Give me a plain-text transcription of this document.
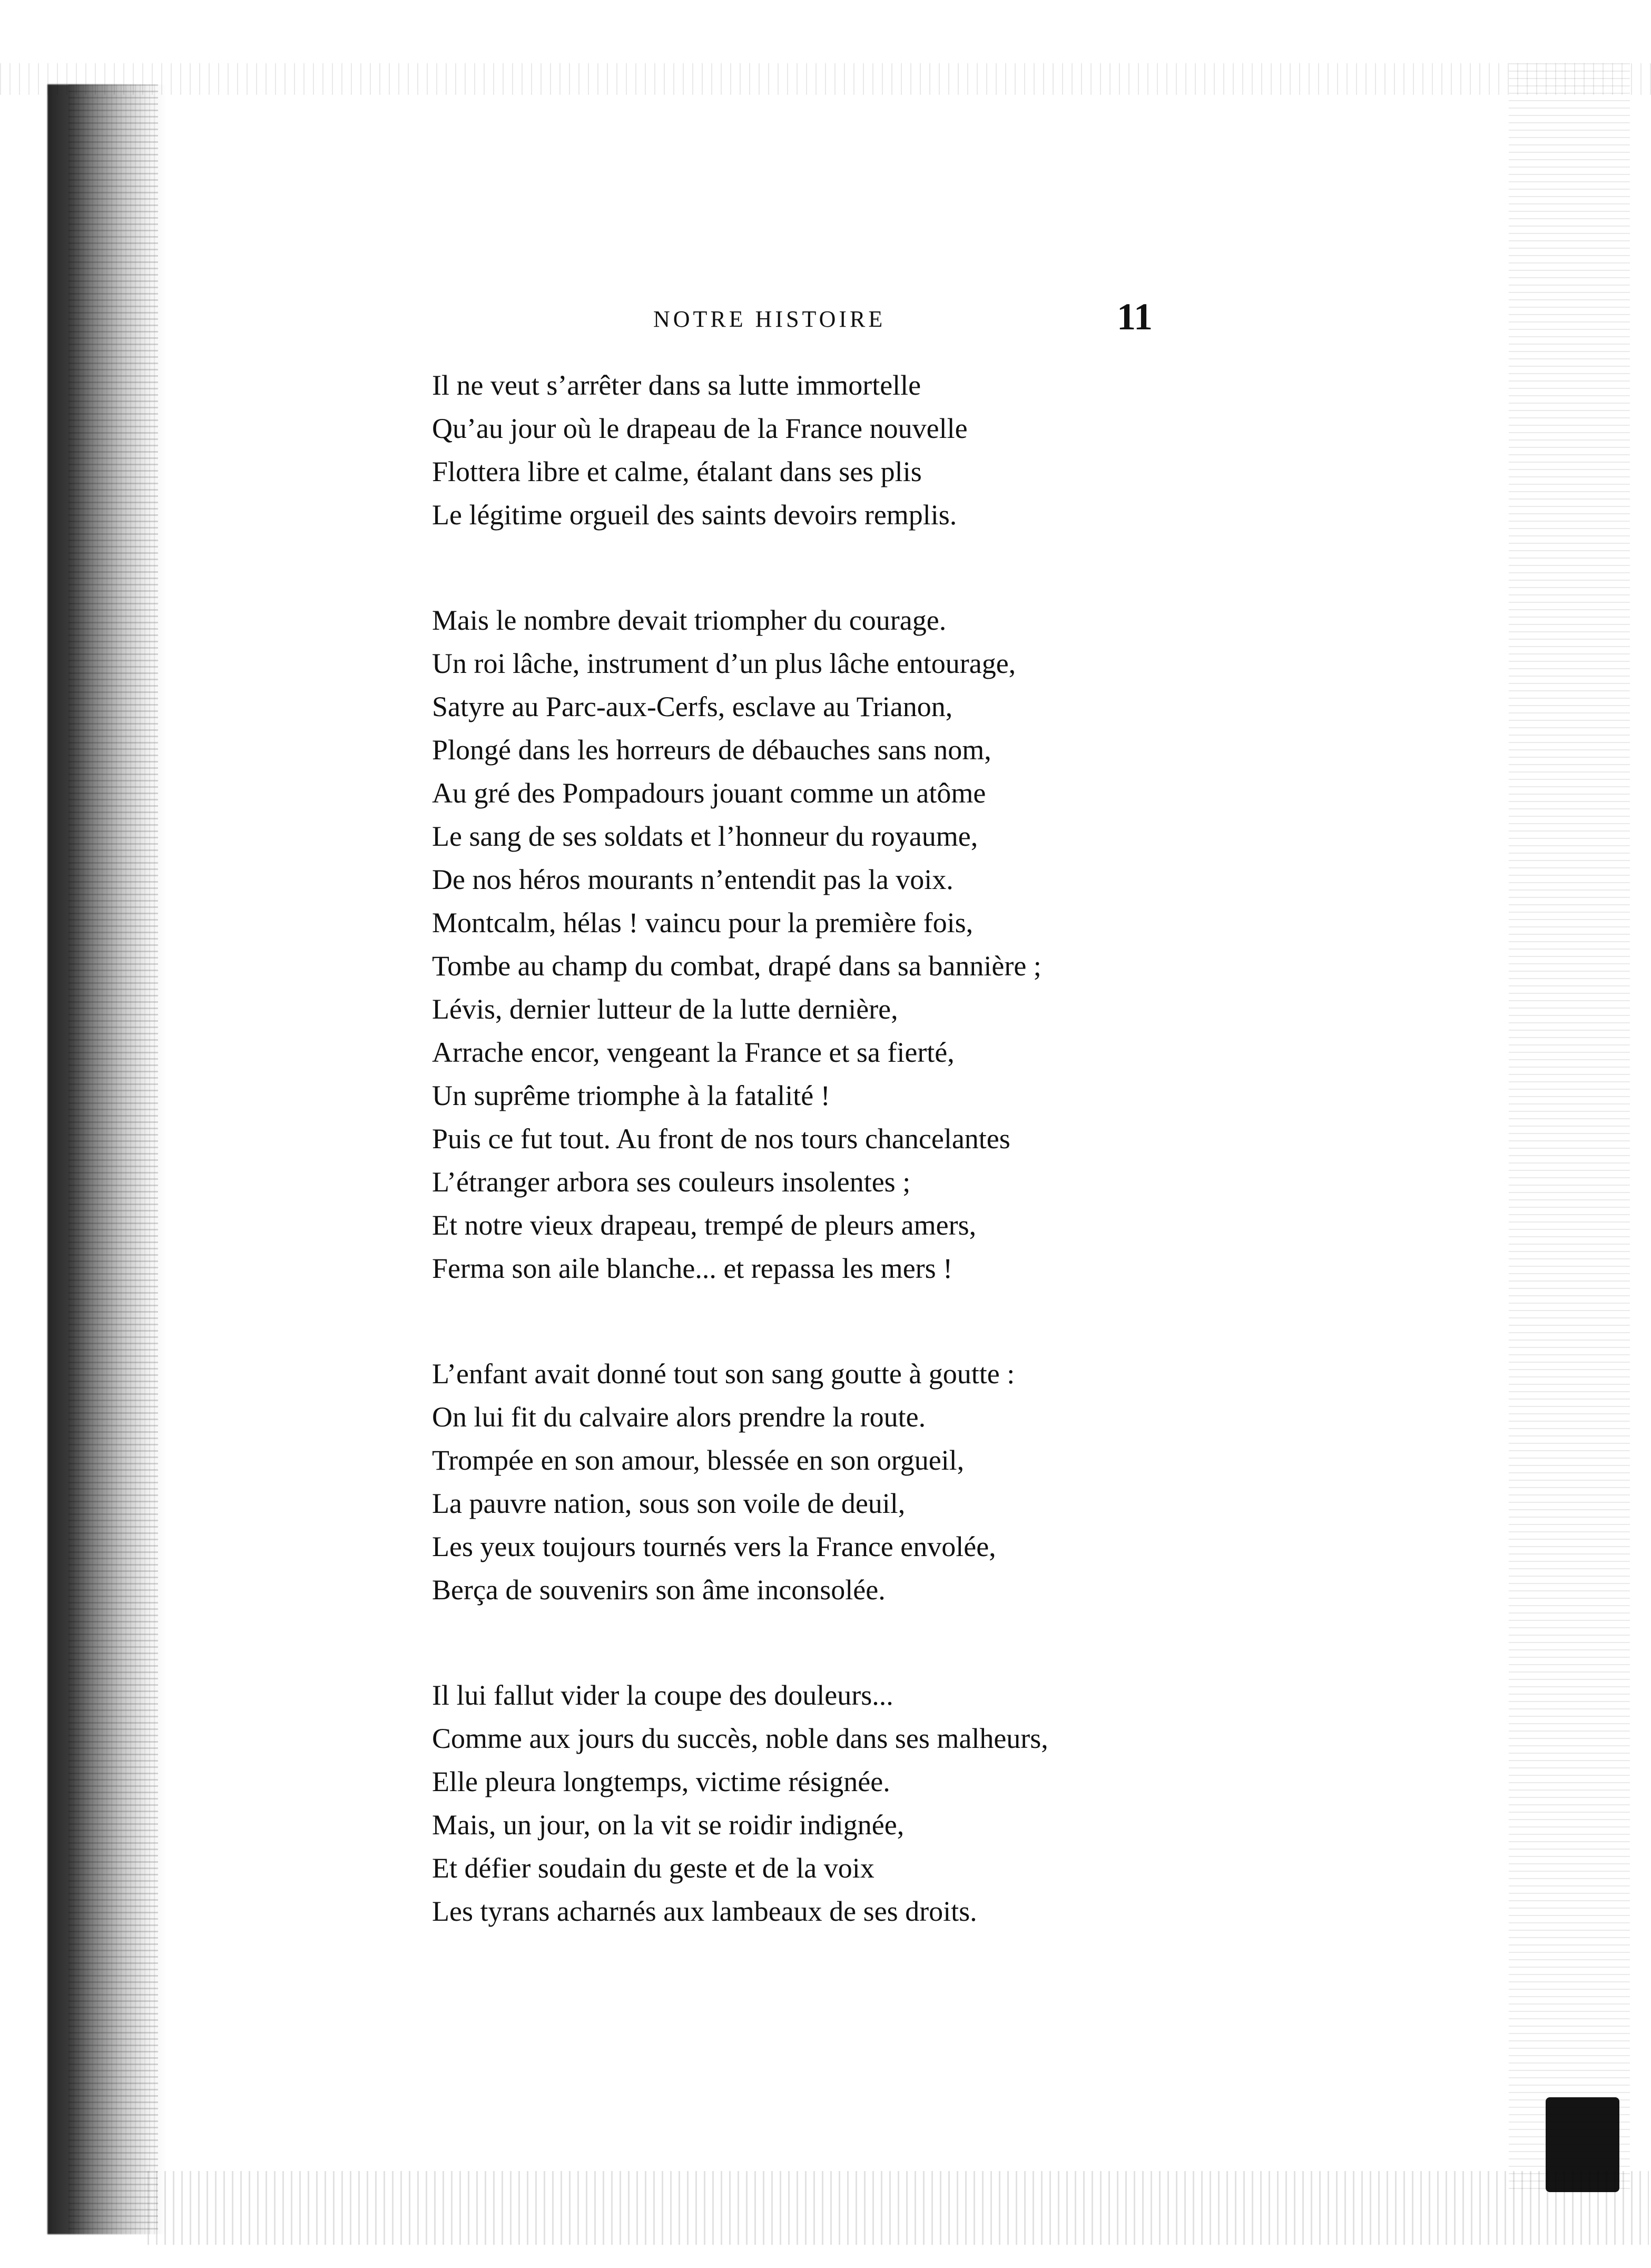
NOTRE HISTOIRE	11
Il ne veut s’arrêter dans sa lutte immortelle
Qu’au jour où le drapeau de la France nouvelle
Flottera libre et calme, étalant dans ses plis
Le légitime orgueil des saints devoirs remplis.
Mais le nombre devait triompher du courage.
Un roi lâche, instrument d’un plus lâche entourage,
Satyre au Parc-aux-Cerfs, esclave au Trianon,
Plongé dans les horreurs de débauches sans nom,
Au gré des Pompadours jouant comme un atôme
Le sang de ses soldats et l’honneur du royaume,
De nos héros mourants n’entendit pas la voix.
Montcalm, hélas ! vaincu pour la première fois,
Tombe au champ du combat, drapé dans sa bannière ;
Lévis, dernier lutteur de la lutte dernière,
Arrache encor, vengeant la France et sa fierté,
Un suprême triomphe à la fatalité !
Puis ce fut tout. Au front de nos tours chancelantes
L’étranger arbora ses couleurs insolentes ;
Et notre vieux drapeau, trempé de pleurs amers,
Ferma son aile blanche... et repassa les mers !
L’enfant avait donné tout son sang goutte à goutte :
On lui fit du calvaire alors prendre la route.
Trompée en son amour, blessée en son orgueil,
La pauvre nation, sous son voile de deuil,
Les yeux toujours tournés vers la France envolée,
Berça de souvenirs son âme inconsolée.
Il lui fallut vider la coupe des douleurs...
Comme aux jours du succès, noble dans ses malheurs,
Elle pleura longtemps, victime résignée.
Mais, un jour, on la vit se roidir indignée,
Et défier soudain du geste et de la voix
Les tyrans acharnés aux lambeaux de ses droits.
